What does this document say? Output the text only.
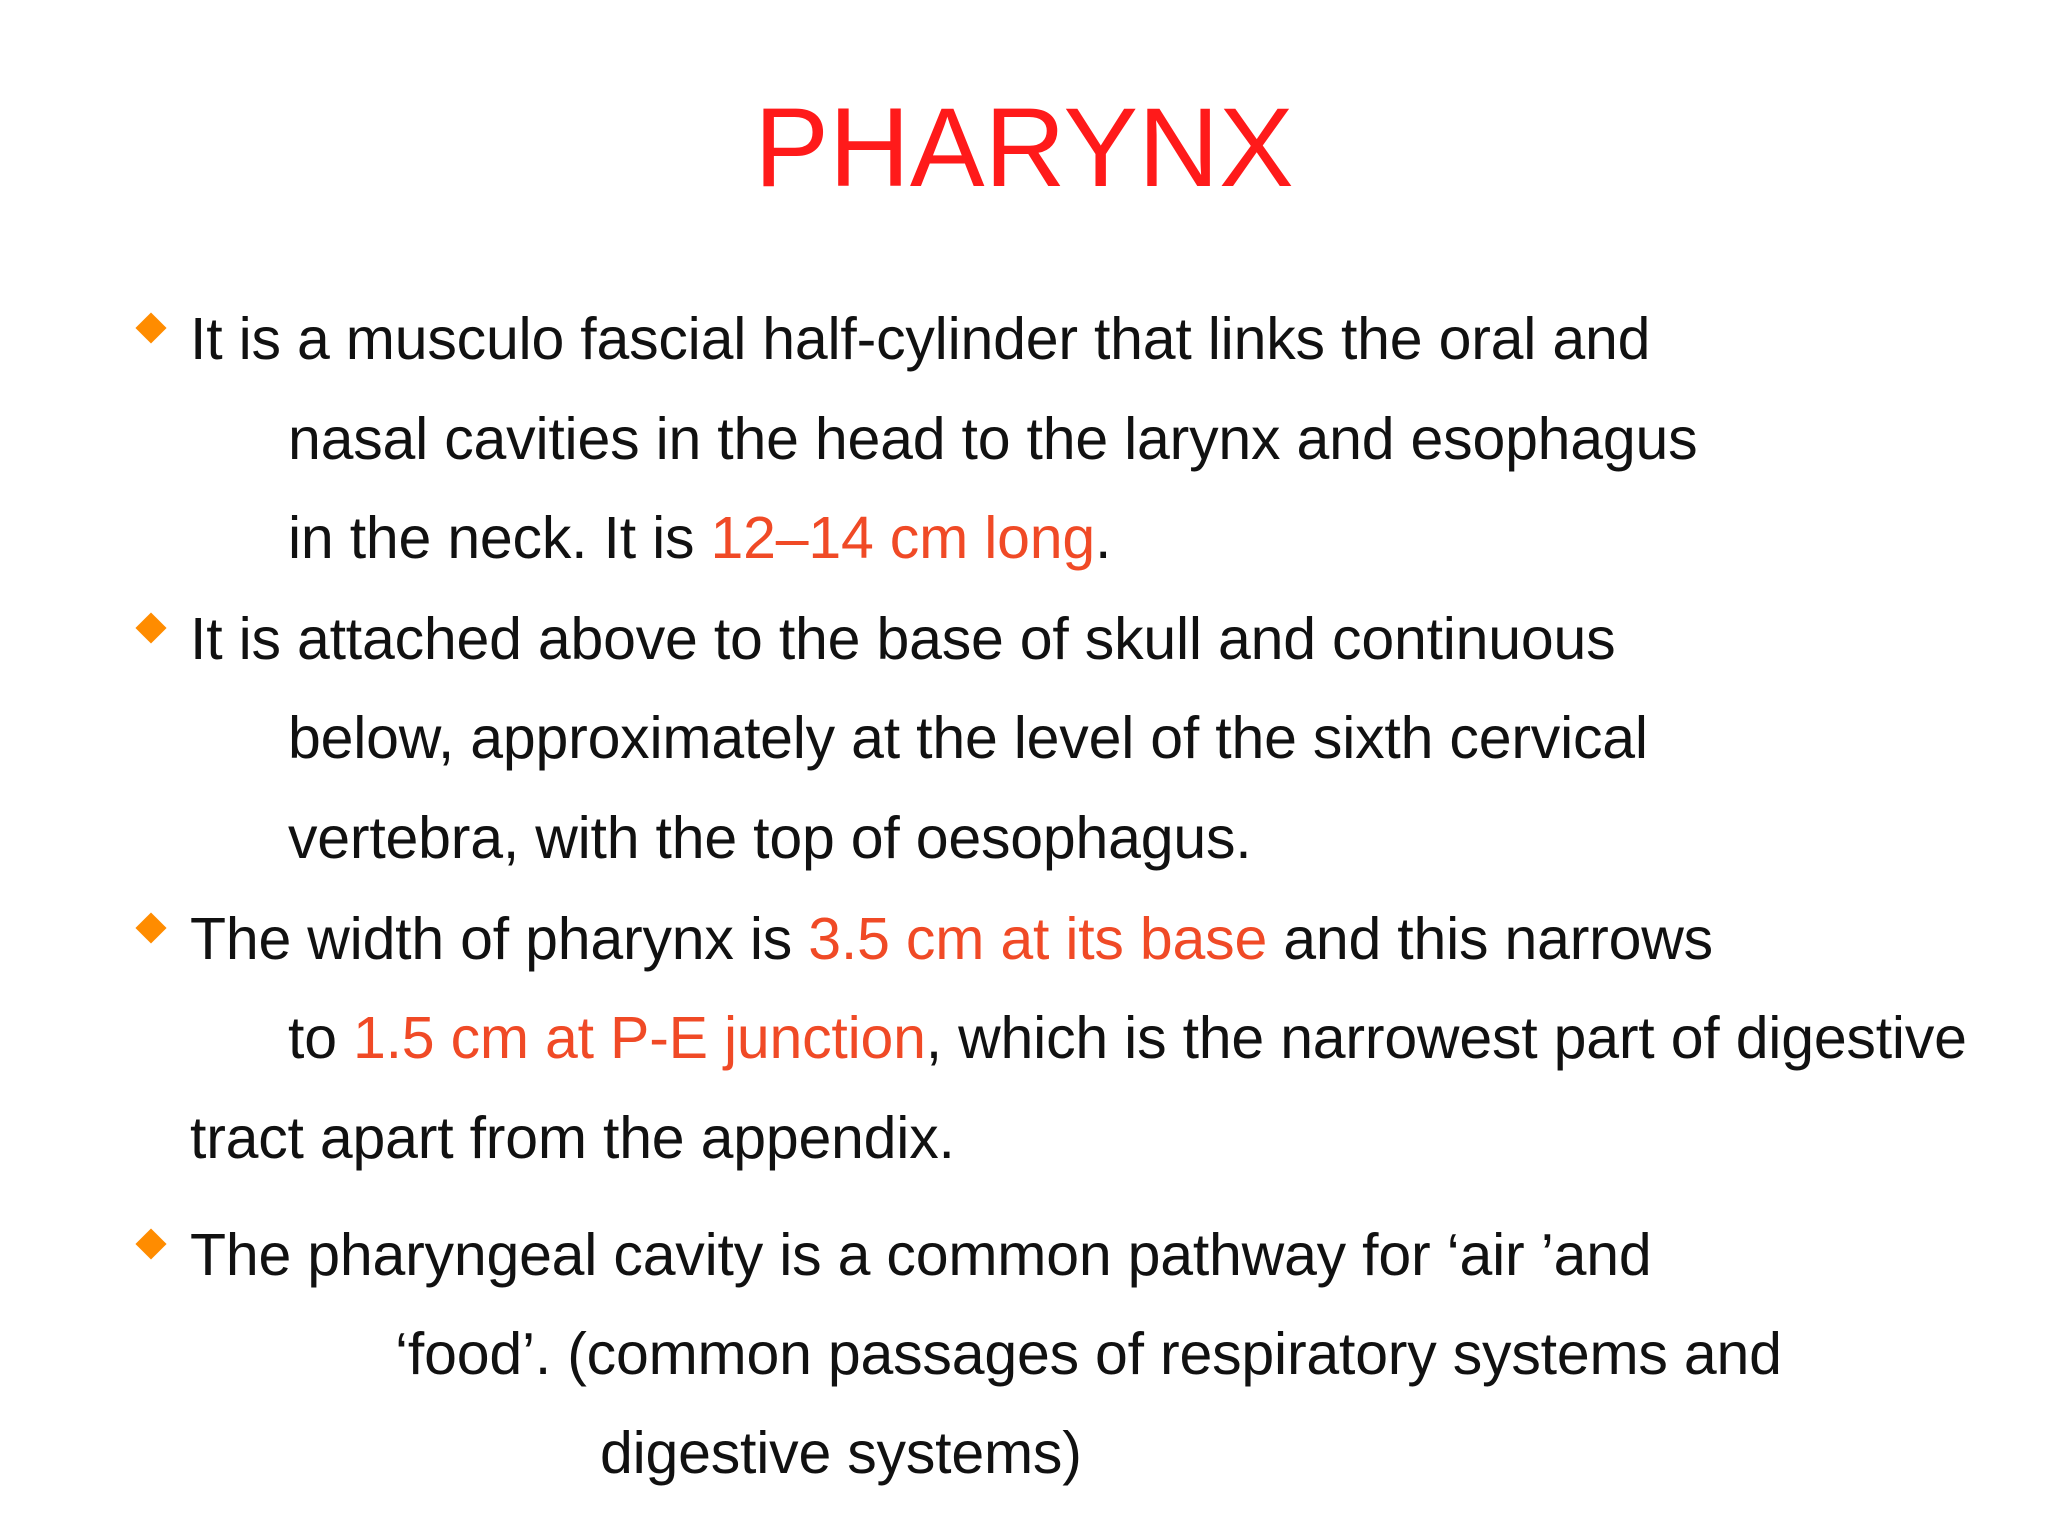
PHARYNX
It is a musculo fascial half-cylinder that links the oral and
nasal cavities in the head to the larynx and esophagus
in the neck. It is 12–14 cm long.
It is attached above to the base of skull and continuous
below, approximately at the level of the sixth cervical
vertebra, with the top of oesophagus.
The width of pharynx is 3.5 cm at its base and this narrows
to 1.5 cm at P-E junction, which is the narrowest part of digestive
tract apart from the appendix.
The pharyngeal cavity is a common pathway for ‘air ’and
‘food’. (common passages of respiratory systems and
digestive systems)
